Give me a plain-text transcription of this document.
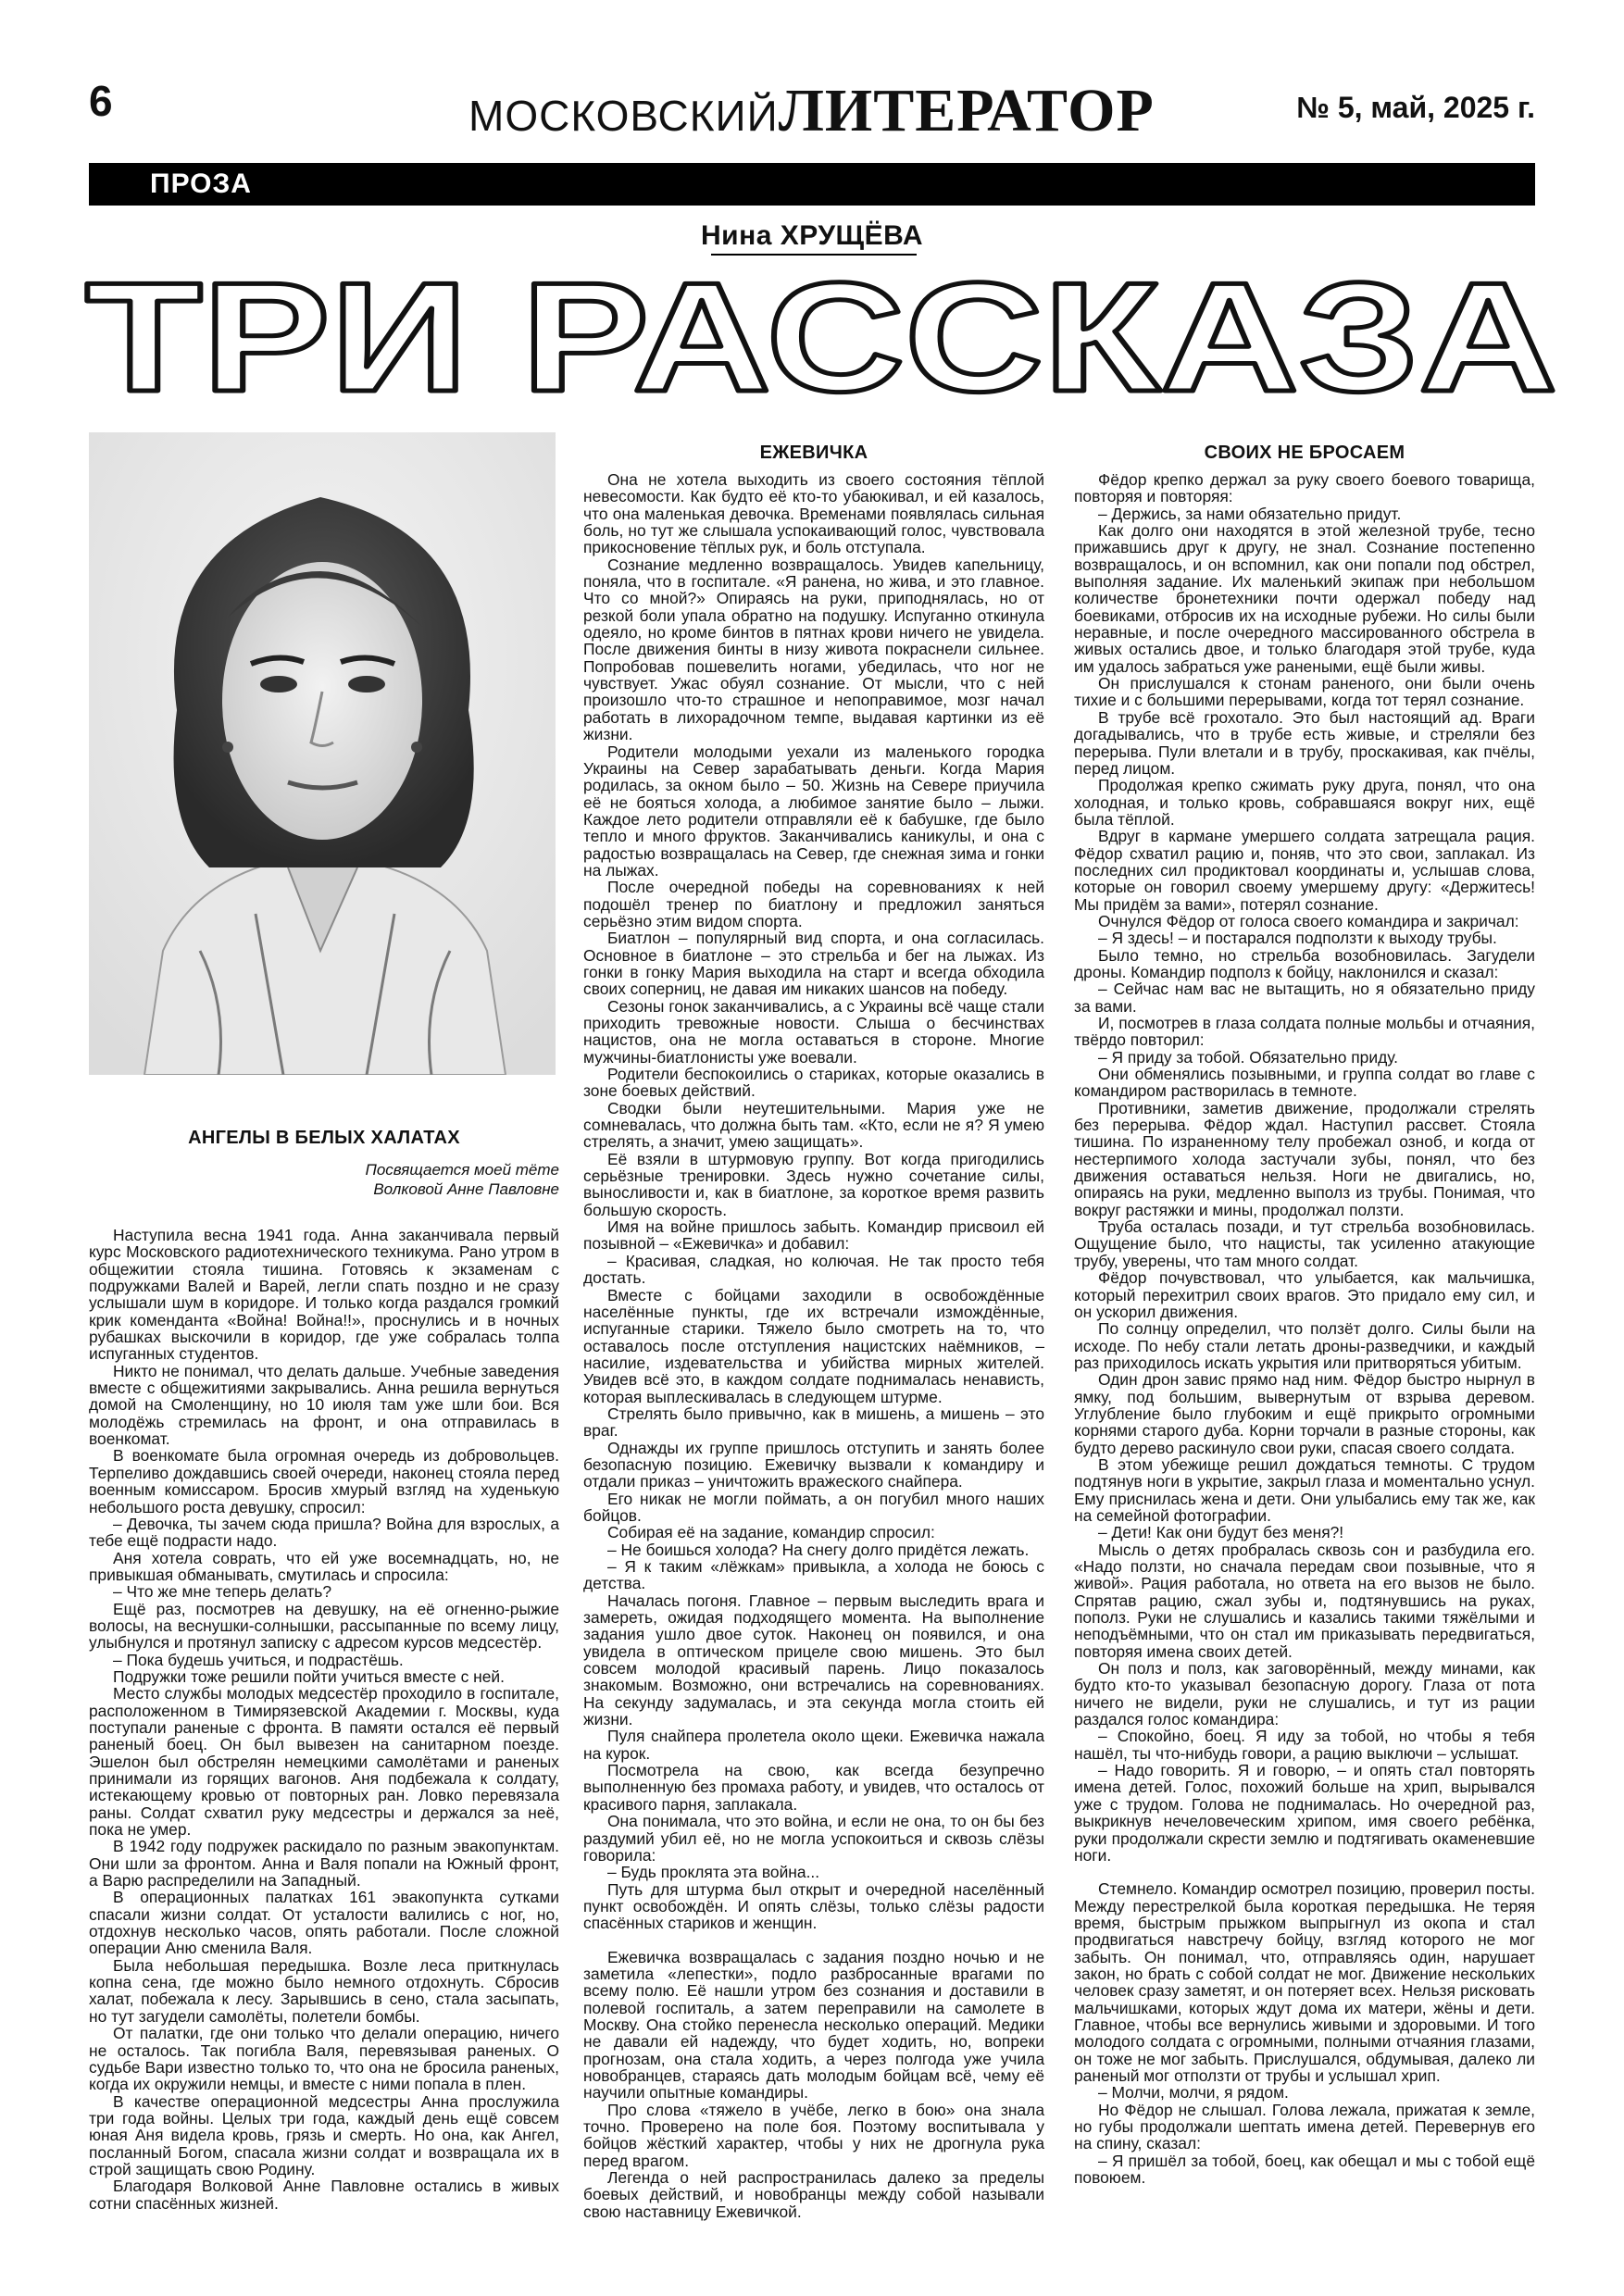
6	МОСКОВСКИЙЛИТЕРАТОР	№ 5, май, 2025 г.
ПРОЗА
Нина ХРУЩЁВА
ТРИ РАССКАЗА
АНГЕЛЫ В БЕЛЫХ ХАЛАТАХ
Посвящается моей тёте
Волковой Анне Павловне

Наступила весна 1941 года. Анна заканчивала первый курс Московского радиотехнического техникума. Рано утром в общежитии стояла тишина. Готовясь к экзаменам с подружками Валей и Варей, легли спать поздно и не сразу услышали шум в коридоре. И только когда раздался громкий крик коменданта «Война! Война!!», проснулись и в ночных рубашках выскочили в коридор, где уже собралась толпа испуганных студентов.

Никто не понимал, что делать дальше. Учебные заведения вместе с общежитиями закрывались. Анна решила вернуться домой на Смоленщину, но 10 июля там уже шли бои. Вся молодёжь стремилась на фронт, и она отправилась в военкомат.

В военкомате была огромная очередь из добровольцев. Терпеливо дождавшись своей очереди, наконец стояла перед военным комиссаром. Бросив хмурый взгляд на худенькую небольшого роста девушку, спросил:

– Девочка, ты зачем сюда пришла? Война для взрослых, а тебе ещё подрасти надо.

Аня хотела соврать, что ей уже восемнадцать, но, не привыкшая обманывать, смутилась и спросила:

– Что же мне теперь делать?

Ещё раз, посмотрев на девушку, на её огненно-рыжие волосы, на веснушки-солнышки, рассыпанные по всему лицу, улыбнулся и протянул записку с адресом курсов медсестёр.

– Пока будешь учиться, и подрастёшь.

Подружки тоже решили пойти учиться вместе с ней.

Место службы молодых медсестёр проходило в госпитале, расположенном в Тимирязевской Академии г. Москвы, куда поступали раненые с фронта. В памяти остался её первый раненый боец. Он был вывезен на санитарном поезде. Эшелон был обстрелян немецкими самолётами и раненых принимали из горящих вагонов. Аня подбежала к солдату, истекающему кровью от повторных ран. Ловко перевязала раны. Солдат схватил руку медсестры и держался за неё, пока не умер.

В 1942 году подружек раскидало по разным эвакопунктам. Они шли за фронтом. Анна и Валя попали на Южный фронт, а Варю распределили на Западный.

В операционных палатках 161 эвакопункта сутками спасали жизни солдат. От усталости валились с ног, но, отдохнув несколько часов, опять работали. После сложной операции Аню сменила Валя.

Была небольшая передышка. Возле леса приткнулась копна сена, где можно было немного отдохнуть. Сбросив халат, побежала к лесу. Зарывшись в сено, стала засыпать, но тут загудели самолёты, полетели бомбы.

От палатки, где они только что делали операцию, ничего не осталось. Так погибла Валя, перевязывая раненых. О судьбе Вари известно только то, что она не бросила раненых, когда их окружили немцы, и вместе с ними попала в плен.

В качестве операционной медсестры Анна прослужила три года войны. Целых три года, каждый день ещё совсем юная Аня видела кровь, грязь и смерть. Но она, как Ангел, посланный Богом, спасала жизни солдат и возвращала их в строй защищать свою Родину.

Благодаря Волковой Анне Павловне остались в живых сотни спасённых жизней.

ЕЖЕВИЧКА

Она не хотела выходить из своего состояния тёплой невесомости. Как будто её кто-то убаюкивал, и ей казалось, что она маленькая девочка. Временами появлялась сильная боль, но тут же слышала успокаивающий голос, чувствовала прикосновение тёплых рук, и боль отступала.

Сознание медленно возвращалось. Увидев капельницу, поняла, что в госпитале. «Я ранена, но жива, и это главное. Что со мной?» Опираясь на руки, приподнялась, но от резкой боли упала обратно на подушку. Испуганно откинула одеяло, но кроме бинтов в пятнах крови ничего не увидела. После движения бинты в низу живота покраснели сильнее. Попробовав пошевелить ногами, убедилась, что ног не чувствует. Ужас обуял сознание. От мысли, что с ней произошло что-то страшное и непоправимое, мозг начал работать в лихорадочном темпе, выдавая картинки из её жизни.

Родители молодыми уехали из маленького городка Украины на Север зарабатывать деньги. Когда Мария родилась, за окном было – 50. Жизнь на Севере приучила её не бояться холода, а любимое занятие было – лыжи. Каждое лето родители отправляли её к бабушке, где было тепло и много фруктов. Заканчивались каникулы, и она с радостью возвращалась на Север, где снежная зима и гонки на лыжах.

После очередной победы на соревнованиях к ней подошёл тренер по биатлону и предложил заняться серьёзно этим видом спорта.

Биатлон – популярный вид спорта, и она согласилась. Основное в биатлоне – это стрельба и бег на лыжах. Из гонки в гонку Мария выходила на старт и всегда обходила своих соперниц, не давая им никаких шансов на победу.

Сезоны гонок заканчивались, а с Украины всё чаще стали приходить тревожные новости. Слыша о бесчинствах нацистов, она не могла оставаться в стороне. Многие мужчины-биатлонисты уже воевали.

Родители беспокоились о стариках, которые оказались в зоне боевых действий.

Сводки были неутешительными. Мария уже не сомневалась, что должна быть там. «Кто, если не я? Я умею стрелять, а значит, умею защищать».

Её взяли в штурмовую группу. Вот когда пригодились серьёзные тренировки. Здесь нужно сочетание силы, выносливости и, как в биатлоне, за короткое время развить большую скорость.

Имя на войне пришлось забыть. Командир присвоил ей позывной – «Ежевичка» и добавил:

– Красивая, сладкая, но колючая. Не так просто тебя достать.

Вместе с бойцами заходили в освобождённые населённые пункты, где их встречали измождённые, испуганные старики. Тяжело было смотреть на то, что оставалось после отступления нацистских наёмников, – насилие, издевательства и убийства мирных жителей. Увидев всё это, в каждом солдате поднималась ненависть, которая выплескивалась в следующем штурме.

Стрелять было привычно, как в мишень, а мишень – это враг.

Однажды их группе пришлось отступить и занять более безопасную позицию. Ежевичку вызвали к командиру и отдали приказ – уничтожить вражеского снайпера.

Его никак не могли поймать, а он погубил много наших бойцов.

Собирая её на задание, командир спросил:

– Не боишься холода? На снегу долго придётся лежать.

– Я к таким «лёжкам» привыкла, а холода не боюсь с детства.

Началась погоня. Главное – первым выследить врага и замереть, ожидая подходящего момента. На выполнение задания ушло двое суток. Наконец он появился, и она увидела в оптическом прицеле свою мишень. Это был совсем молодой красивый парень. Лицо показалось знакомым. Возможно, они встречались на соревнованиях. На секунду задумалась, и эта секунда могла стоить ей жизни.

Пуля снайпера пролетела около щеки. Ежевичка нажала на курок.

Посмотрела на свою, как всегда безупречно выполненную без промаха работу, и увидев, что осталось от красивого парня, заплакала.

Она понимала, что это война, и если не она, то он бы без раздумий убил её, но не могла успокоиться и сквозь слёзы говорила:

– Будь проклята эта война...

Путь для штурма был открыт и очередной населённый пункт освобождён. И опять слёзы, только слёзы радости спасённых стариков и женщин.

Ежевичка возвращалась с задания поздно ночью и не заметила «лепестки», подло разбросанные врагами по всему полю. Её нашли утром без сознания и доставили в полевой госпиталь, а затем переправили на самолете в Москву. Она стойко перенесла несколько операций. Медики не давали ей надежду, что будет ходить, но, вопреки прогнозам, она стала ходить, а через полгода уже учила новобранцев, стараясь дать молодым бойцам всё, чему её научили опытные командиры.

Про слова «тяжело в учёбе, легко в бою» она знала точно. Проверено на поле боя. Поэтому воспитывала у бойцов жёсткий характер, чтобы у них не дрогнула рука перед врагом.

Легенда о ней распространилась далеко за пределы боевых действий, и новобранцы между собой называли свою наставницу Ежевичкой.

СВОИХ НЕ БРОСАЕМ

Фёдор крепко держал за руку своего боевого товарища, повторяя и повторяя:

– Держись, за нами обязательно придут.

Как долго они находятся в этой железной трубе, тесно прижавшись друг к другу, не знал. Сознание постепенно возвращалось, и он вспомнил, как они попали под обстрел, выполняя задание. Их маленький экипаж при небольшом количестве бронетехники почти одержал победу над боевиками, отбросив их на исходные рубежи. Но силы были неравные, и после очередного массированного обстрела в живых остались двое, и только благодаря этой трубе, куда им удалось забраться уже ранеными, ещё были живы.

Он прислушался к стонам раненого, они были очень тихие и с большими перерывами, когда тот терял сознание.

В трубе всё грохотало. Это был настоящий ад. Враги догадывались, что в трубе есть живые, и стреляли без перерыва. Пули влетали и в трубу, проскакивая, как пчёлы, перед лицом.

Продолжая крепко сжимать руку друга, понял, что она холодная, и только кровь, собравшаяся вокруг них, ещё была тёплой.

Вдруг в кармане умершего солдата затрещала рация. Фёдор схватил рацию и, поняв, что это свои, заплакал. Из последних сил продиктовал координаты и, услышав слова, которые он говорил своему умершему другу: «Держитесь! Мы придём за вами», потерял сознание.

Очнулся Фёдор от голоса своего командира и закричал:

– Я здесь! – и постарался подползти к выходу трубы.

Было темно, но стрельба возобновилась. Загудели дроны. Командир подполз к бойцу, наклонился и сказал:

– Сейчас нам вас не вытащить, но я обязательно приду за вами.

И, посмотрев в глаза солдата полные мольбы и отчаяния, твёрдо повторил:

– Я приду за тобой. Обязательно приду.

Они обменялись позывными, и группа солдат во главе с командиром растворилась в темноте.

Противники, заметив движение, продолжали стрелять без перерыва. Фёдор ждал. Наступил рассвет. Стояла тишина. По израненному телу пробежал озноб, и когда от нестерпимого холода застучали зубы, понял, что без движения оставаться нельзя. Ноги не двигались, но, опираясь на руки, медленно выполз из трубы. Понимая, что вокруг растяжки и мины, продолжал ползти.

Труба осталась позади, и тут стрельба возобновилась. Ощущение было, что нацисты, так усиленно атакующие трубу, уверены, что там много солдат.

Фёдор почувствовал, что улыбается, как мальчишка, который перехитрил своих врагов. Это придало ему сил, и он ускорил движения.

По солнцу определил, что ползёт долго. Силы были на исходе. По небу стали летать дроны-разведчики, и каждый раз приходилось искать укрытия или притворяться убитым.

Один дрон завис прямо над ним. Фёдор быстро нырнул в ямку, под большим, вывернутым от взрыва деревом. Углубление было глубоким и ещё прикрыто огромными корнями старого дуба. Корни торчали в разные стороны, как будто дерево раскинуло свои руки, спасая своего солдата.

В этом убежище решил дождаться темноты. С трудом подтянув ноги в укрытие, закрыл глаза и моментально уснул. Ему приснилась жена и дети. Они улыбались ему так же, как на семейной фотографии.

– Дети! Как они будут без меня?!

Мысль о детях пробралась сквозь сон и разбудила его. «Надо ползти, но сначала передам свои позывные, что я живой». Рация работала, но ответа на его вызов не было. Спрятав рацию, сжал зубы и, подтянувшись на руках, пополз. Руки не слушались и казались такими тяжёлыми и неподъёмными, что он стал им приказывать передвигаться, повторяя имена своих детей.

Он полз и полз, как заговорённый, между минами, как будто кто-то указывал безопасную дорогу. Глаза от пота ничего не видели, руки не слушались, и тут из рации раздался голос командира:

– Спокойно, боец. Я иду за тобой, но чтобы я тебя нашёл, ты что-нибудь говори, а рацию выключи – услышат.

– Надо говорить. Я и говорю, – и опять стал повторять имена детей. Голос, похожий больше на хрип, вырывался уже с трудом. Голова не поднималась. Но очередной раз, выкрикнув нечеловеческим хрипом, имя своего ребёнка, руки продолжали скрести землю и подтягивать окаменевшие ноги.

Стемнело. Командир осмотрел позицию, проверил посты. Между перестрелкой была короткая передышка. Не теряя время, быстрым прыжком выпрыгнул из окопа и стал продвигаться навстречу бойцу, взгляд которого не мог забыть. Он понимал, что, отправляясь один, нарушает закон, но брать с собой солдат не мог. Движение нескольких человек сразу заметят, и он потеряет всех. Нельзя рисковать мальчишками, которых ждут дома их матери, жёны и дети. Главное, чтобы все вернулись живыми и здоровыми. И того молодого солдата с огромными, полными отчаяния глазами, он тоже не мог забыть. Прислушался, обдумывая, далеко ли раненый мог отползти от трубы и услышал хрип.

– Молчи, молчи, я рядом.

Но Фёдор не слышал. Голова лежала, прижатая к земле, но губы продолжали шептать имена детей. Перевернув его на спину, сказал:

– Я пришёл за тобой, боец, как обещал и мы с тобой ещё повоюем.
